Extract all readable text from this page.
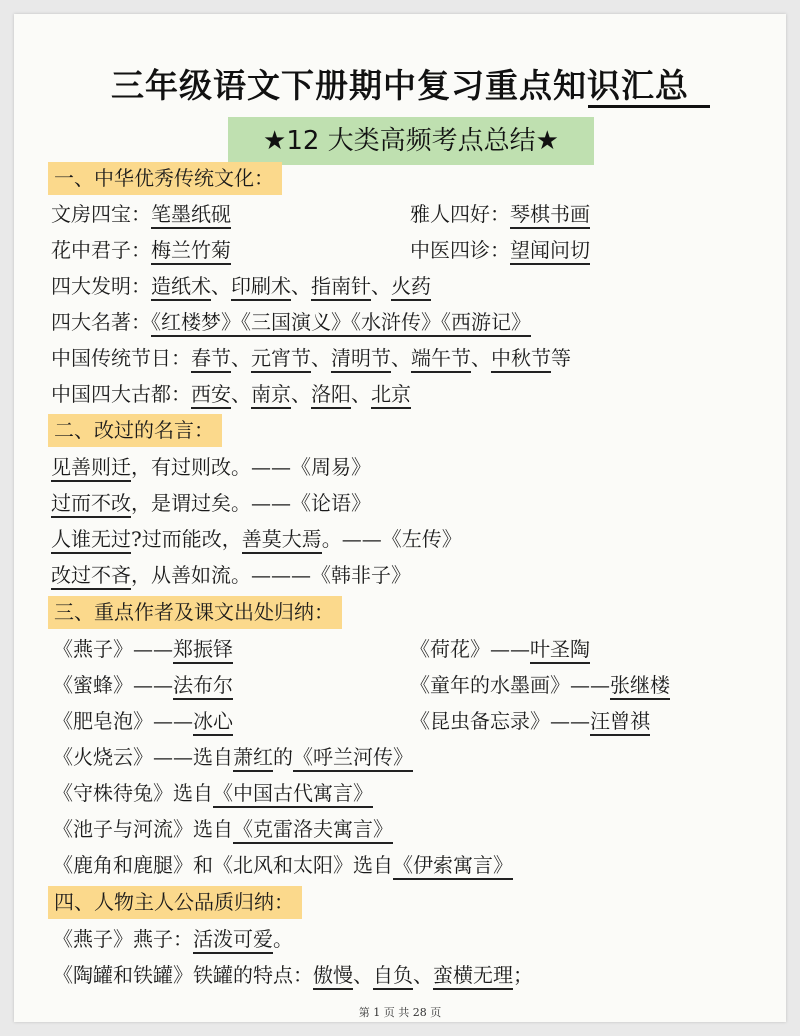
三年级语文下册期中复习重点知识汇总
★12 大类高频考点总结★
一、中华优秀传统文化：
文房四宝：笔墨纸砚	雅人四好：琴棋书画
花中君子：梅兰竹菊	中医四诊：望闻问切
四大发明：造纸术、印刷术、指南针、火药
四大名著：《红楼梦》《三国演义》《水浒传》《西游记》
中国传统节日：春节、元宵节、清明节、端午节、中秋节等
中国四大古都：西安、南京、洛阳、北京
二、改过的名言：
见善则迁，有过则改。——《周易》
过而不改，是谓过矣。——《论语》
人谁无过?过而能改，善莫大焉。——《左传》
改过不吝，从善如流。———《韩非子》
三、重点作者及课文出处归纳：
《燕子》——郑振铎	《荷花》——叶圣陶
《蜜蜂》——法布尔	《童年的水墨画》——张继楼
《肥皂泡》——冰心	《昆虫备忘录》——汪曾祺
《火烧云》——选自萧红的《呼兰河传》
《守株待兔》选自《中国古代寓言》
《池子与河流》选自《克雷洛夫寓言》
《鹿角和鹿腿》和《北风和太阳》选自《伊索寓言》
四、人物主人公品质归纳：
《燕子》燕子：活泼可爱。
《陶罐和铁罐》铁罐的特点：傲慢、自负、蛮横无理；
第 1 页 共 28 页
